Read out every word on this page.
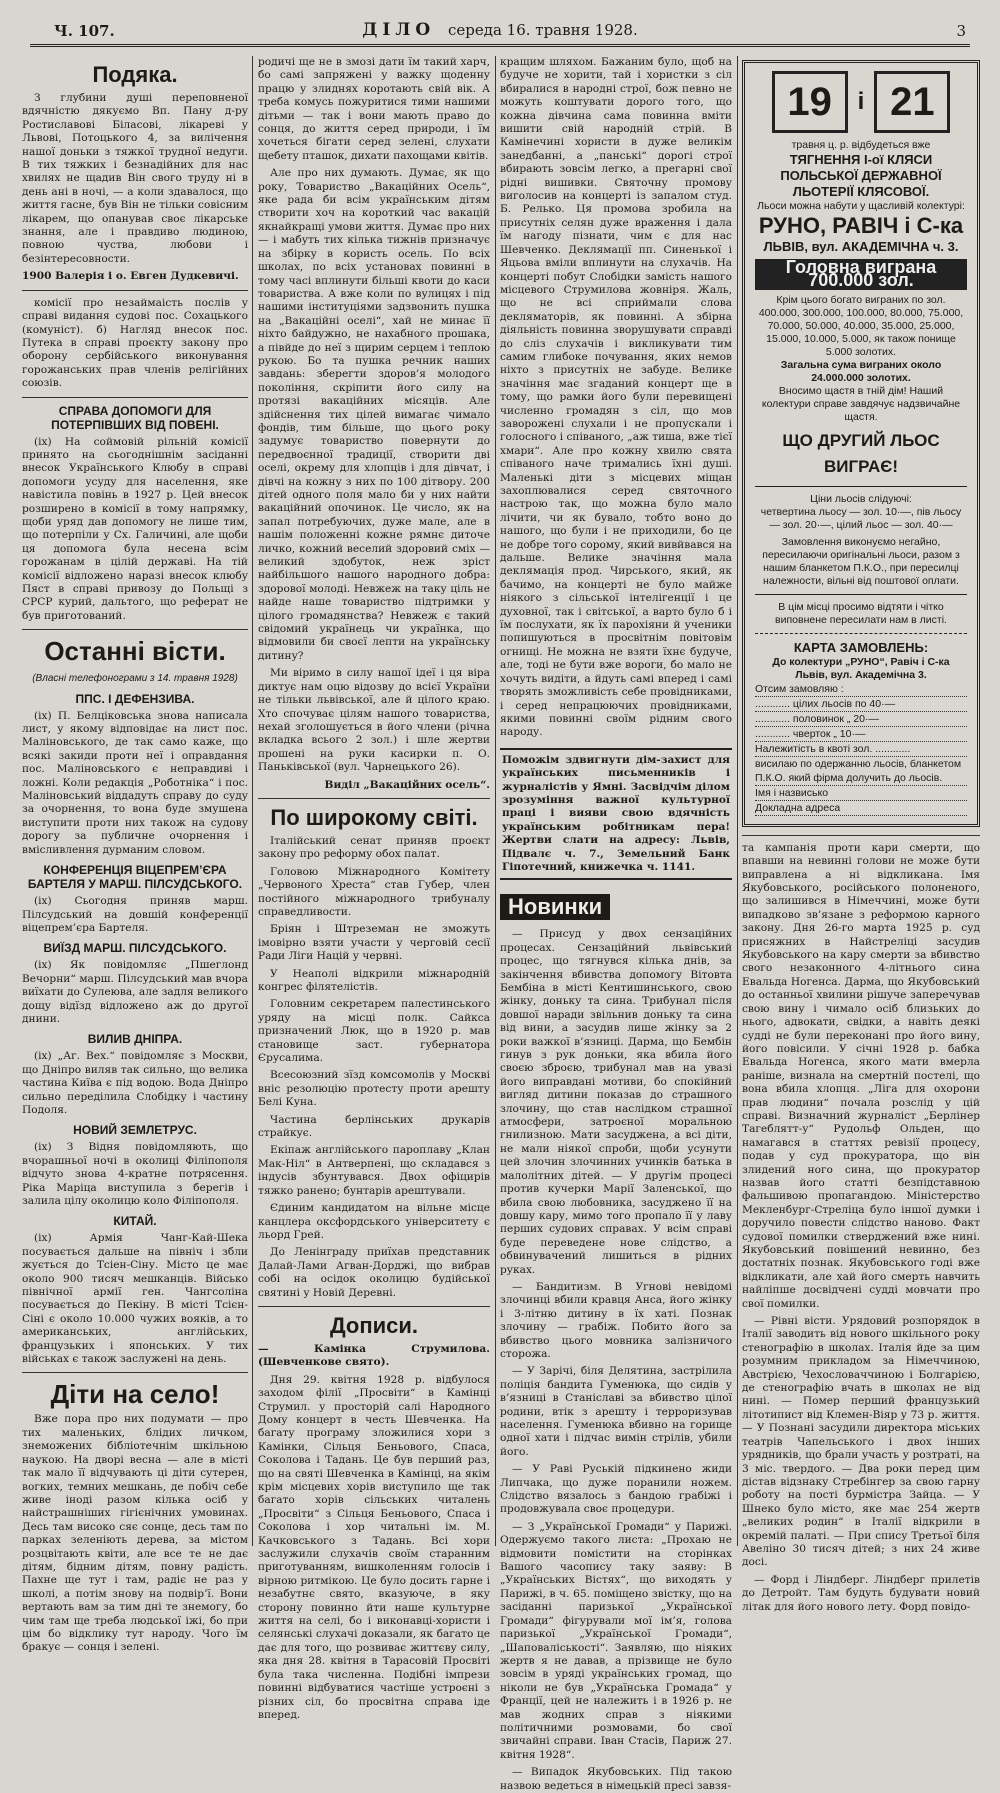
Ч. 107.	ДІЛО середа 16. травня 1928.	3
Подяка.

З глубини душі переповненої вдячністю дякуємо Вп. Пану д-ру Ростиславові Біласові, лікареві у Львові, Потоцького 4, за вилічення нашої доньки з тяжкої трудної недуги. В тих тяжких і безнадійних для нас хвилях не щадив Він свого труду ні в день ані в ночі, — а коли здавалося, що життя гасне, був Він не тільки совісним лікарем, що опанував своє лікарське знання, але і правдиво людиною, повною чуства, любови і безінтересовности.

1900 Валерія і о. Евген Дудкевичі.

комісії про незаймаість послів у справі видання судові пос. Сохацького (комуніст). б) Нагляд внесок пос. Путека в справі проєкту закону про оборону сербійського виконування горожанських прав членів релігійних союзів.

СПРАВА ДОПОМОГИ ДЛЯ ПОТЕРПІВШИХ ВІД ПОВЕНІ.

(іх) На соймовій рільній комісії принято на сьогоднішнім засіданні внесок Українського Клюбу в справі допомоги усуду для населення, яке навістила повінь в 1927 р. Цей внесок розширено в комісії в тому напрямку, щоби уряд дав допомогу не лише тим, що потерпіли у Сх. Галичині, але щоби ця допомога була несена всім горожанам в цілій державі. На тій комісії відложено наразі внесок клюбу Пяст в справі привозу до Польщі з СРСР курий, дальтого, що реферат не був приготований.

Останні вісти.
(Власні телефонограми з 14. травня 1928)
ППС. І ДЕФЕНЗИВА.

(іх) П. Белціковська знова написала лист, у якому відповідає на лист пос. Маліновського, де так само каже, що всякі закиди проти неї і оправдання пос. Маліновського є неправдиві і ложні. Коли редакція „Роботніка“ і пос. Маліновський віддадуть справу до суду за очорнення, то вона буде змушена виступити проти них також на судову дорогу за публичне очорнення і вмісливлення дурманим словом.

КОНФЕРЕНЦІЯ ВІЦЕПРЕМ’ЄРА БАРТЕЛЯ У МАРШ. ПІЛСУДСЬКОГО.

(іх) Сьогодня приняв марш. Пілсудський на довшій конференції віцепрем’єра Бартеля.

ВИЇЗД МАРШ. ПІЛСУДСЬКОГО.

(іх) Як повідомляє „Пшеглонд Вечорни“ марш. Пілсудський мав вчора виїхати до Сулеюва, але задля великого дощу відїзд відложено аж до другої днини.

ВИЛИВ ДНІПРА.

(іх) „Аг. Вех.“ повідомляє з Москви, що Дніпро виляв так сильно, що велика частина Київа є під водою. Вода Дніпро сильно переділила Слобідку і частину Подоля.

НОВИЙ ЗЕМЛЕТРУС.

(іх) З Відня повідомляють, що вчорашньої ночі в околиці Філіпополя відчуто знова 4-кратне потрясення. Ріка Маріца виступила з берегів і залила цілу околицю коло Філіпополя.

КИТАЙ.

(іх) Армія Чанг-Кай-Шека посувається дальше на північ і збли жується до Тсіен-Сіну. Місто це має около 900 тисяч мешканців. Військо північної армії ген. Чангсоліна посувається до Пекіну. В місті Тсієн-Сіні є около 10.000 чужих вояків, а то американських, англійських, французьких і японських. У тих військах є також заслужені на день.

Діти на село!

Вже пора про них подумати — про тих маленьких, блідих личком, знеможених бібліотечнім шкільною наукою. На дворі весна — але в місті так мало її відчувають ці діти сутерен, вогких, темних мешкань, де побіч себе живе іноді разом кілька осіб у найстрашніших гігієнічних умовинах. Десь там високо сяє сонце, десь там по парках зеленіють дерева, за містом розцвітають квіти, але все те не дає дітям, бідним дітям, повну радість. Пахне ще тут і там, радіє не раз у школі, а потім знову на подвір’ї. Вони вертають вам за тим дні те знемогу, бо чим там ще треба людської іжі, бо при цім бо відклику тут народу. Чого їм бракує — сонця і зелені.

родичі ще не в змозі дати їм такий харч, бо самі запряжені у важку щоденну працю у злиднях коротають свій вік. А треба комусь пожуритися тими нашими дітьми — так і вони мають право до сонця, до життя серед природи, і їм хочеться бігати серед зелені, слухати щебету пташок, дихати пахощами квітів.

Але про них думають. Думає, як що року, Товариство „Вакаційних Осель“, яке рада би всім українським дітям створити хоч на короткий час вакацій якнайкращі умови життя. Думає про них — і мабуть тих кілька тижнів призначує на збірку в користь осель. По всіх школах, по всіх установах повинні в тому часі вплинути більші квоти до каси товариства. А вже коли по вулицях і під нашими інституціями задзвонить пушка на „Вакаційні оселі“, хай не минає її ніхто байдужно, не нахабного прошака, а півйде до неї з щирим серцем і теплою рукою. Бо та пушка речник наших завдань: зберегти здоров’я молодого покоління, скріпити його силу на протязі вакаційних місяців. Але здійснення тих цілей вимагає чимало фондів, тим більше, що цього року задумує товариство повернути до передвоєнної традиції, створити дві оселі, окрему для хлопців і для дівчат, і дівчі на кожну з них по 100 дітвору. 200 дітей одного поля мало би у них найти вакаційний опочинок. Це число, як на запал потребуючих, дуже мале, але в нашім положенні кожне рямнє диточе личко, кожний веселий здоровий сміх — великий здобуток, неж зріст найбільшого нашого народного добра: здорової молоді. Невжеж на таку ціль не найде наше товариство підтримки у цілого громадянства? Невжеж є такий свідомий українець чи українка, що відмовили би своєї лепти на українську дитину?

Ми віримо в силу нашої ідеї і ця віра диктує нам оцю відозву до всієї України не тільки львівської, але й цілого краю. Хто спочуває цілям нашого товариства, нехай зголошується в його члени (річна вкладка всього 2 зол.) і шле жертви прошені на руки касирки п. О. Паньківської (вул. Чарнецького 26).

Виділ „Вакаційних осель“.

По широкому світі.

Італійський сенат приняв проєкт закону про реформу обох палат.

Головою Міжнародного Комітету „Червоного Хреста“ став Губер, член постійного міжнародного трибуналу справедливости.

Бріян і Штреземан не зможуть імовірно взяти участи у черговій сесії Ради Ліги Націй у червні.

У Неаполі відкрили міжнародній конгрес філятелістів.

Головним секретарем палестинського уряду на місці полк. Сайкса призначений Люк, що в 1920 р. мав становище заст. губернатора Єрусалима.

Всесоюзний зїзд комсомолів у Москві вніс резолюцію протесту проти арешту Белі Куна.

Частина берлінських друкарів страйкує.

Екіпаж англійського пароплаву „Клан Мак-Ніл“ в Антверпені, що складався з індусів збунтувався. Двох офіцирів тяжко ранено; бунтарів арештували.

Єдиним кандидатом на вільне місце канцлера оксфордського університету є льорд Грей.

До Ленінграду приїхав представник Далай-Лами Агван-Дорджі, що вибрав собі на осідок околицю будійської святині у Новій Деревні.

Дописи.

— Камінка Струмилова. (Шевченкове свято).

Дня 29. квітня 1928 р. відбулося заходом філії „Просвіти“ в Камінці Струмил. у просторій салі Народного Дому концерт в честь Шевченка. На багату програму зложилися хори з Камінки, Сільця Беньового, Спаса, Соколова і Тадань. Це був перший раз, що на святі Шевченка в Камінці, на якім крім місцевих хорів виступило ще так багато хорів сільських читалень „Просвіти“ з Сільця Беньового, Спаса і Соколова і хор читальні ім. М. Качковського з Тадань. Всі хори заслужили слухачів своїм старанним приготуванням, вишколенням голосів і вірною ритмікою. Це було досить гарне і незабутнє свято, вказуюче, в яку сторону повинно йти наше культурне життя на селі, бо і виконавці-хористи і селянські слухачі доказали, як багато це дає для того, що розвиває життєву силу, яка дня 28. квітня в Тарасовій Просвіті була така численна. Подібні імпрези повинні відбуватися частіше устроєні з різних сіл, бо просвітна справа іде вперед.

кращим шляхом. Бажаним було, щоб на будуче не хорити, тай і хористки з сіл вбиралися в народні строї, бож певно не можуть коштувати дорого того, що кожна дівчина сама повинна вміти вишити свій народній стрій. В Камінечині хористи в дуже великім занедбанні, а „панські“ дорогі строї вбирають зовсім легко, а прегарні свої рідні вишивки. Святочну промову виголосив на концерті із запалом студ. Б. Релько. Ця промова зробила на присутніх селян дуже враження і дала їм нагоду пізнати, чим є для нас Шевченко. Деклямації пп. Синенької і Яцьова вміли вплинути на слухачів. На концерті побут Слобідки замість нашого місцевого Струмилова жовніря. Жаль, що не всі сприймали слова декляматорів, як повинні. А збірна діяльність повинна зворушувати справді до сліз слухачів і викликувати тим самим глибоке почування, яких немов ніхто з присутніх не забуде. Велике значіння має згаданий концерт ще в тому, що рамки його були перевищені численно громадян з сіл, що мов заворожені слухали і не пропускали і голосного і співаного, „аж тиша, вже тієї хмари“. Але про кожну хвилю свята співаного наче тримались їхні душі. Маленькі діти з місцевих міщан захоплювалися серед святочного настрою так, що можна було мало лічити, чи як бувало, тобто воно до нашого, що були і не приходили, бо це не добре того сорому, який вивйвався на дальше. Велике значіння мала деклямація прод. Чирського, який, як бачимо, на концерті не було майже ніякого з сільської інтелігенції і це духовної, так і світської, а варто було б і їм послухати, як їх парохіяни й ученики попишуються в просвітнім повітовім огнищі. Не можна не взяти їхнє будуче, але, тоді не бути вже вороги, бо мало не хочуть видіти, а йдуть самі вперед і самі творять зможливість себе провідниками, і серед непрацюючих провідниками, якими повинні своїм рідним свого народу.

Поможім здвигнути дім-захист для українських письменників і журналістів у Ямні. Засвідчім ділом зрозуміння важної культурної праці і вияви свою вдячність українським робітникам пера! Жертви слати на адресу: Львів, Підвалє ч. 7., Земельний Банк Гіпотечний, книжечка ч. 1141.
Новинки

— Присуд у двох сензаційних процесах. Сензаційний львівський процес, що тягнувся кілька днів, за закінчення вбивства допомогу Вітовта Бембіна в місті Кентишинського, свою жінку, доньку та сина. Трибунал після довшої наради звільнив доньку та сина від вини, а засудив лише жінку за 2 роки важкої в’язниці. Дарма, що Бембін гинув з рук доньки, яка вбила його своєю зброєю, трибунал мав на увазі його виправдані мотиви, бо спокійний вигляд дитини показав до страшного злочину, що став наслідком страшної атмосфери, затроєної моральною гнилизною. Мати засуджена, а всі діти, не мали ніякої спроби, щоби усунути цей злочин злочинних учинків батька в малолітних дітей. — У другім процесі против кучерки Марії Заленської, що вбила свою любовника, засуджено її на довшу кару, мимо того пропало її у лаву перших судових справах. У всім справі буде переведене нове слідство, а обвинувачений лишиться в рідних руках.

— Бандитизм. В Угнові невідомі злочинці вбили кравця Анса, його жінку і 3-літню дитину в їх хаті. Познак злочину — грабіж. Побито його за вбивство цього мовника залізничого сторожа.

— У Зарічі, біля Делятина, застрілила поліція бандита Гуменюка, що сидів у в’язниці в Станіславі за вбивство цілої родини, втік з арешту і терроризував населення. Гуменюка вбивно на горище одної хати і підчас вимін стрілів, убили його.

— У Раві Руській підкинено жиди Липчака, що дуже поранили ножем. Слідство вязалось з бандою грабіжі і продовжувала своє процедури.

— З „Української Громади“ у Парижі. Одержуємо такого листа: „Прохаю не відмовити помістити на сторінках Вашого часопису таку заяву: В „Українських Вістях“, що виходять у Парижі, в ч. 65. поміщено звістку, що на засіданні паризької „Української Громади“ фігурували мої ім’я, голова паризької „Української Громади“, „Шаповаліськості“. Заявляю, що ніяких жертв я не давав, а прізвище не було зовсім в уряді українських громад, що ніколи не був „Українська Громада“ у Франції, цей не належить і в 1926 р. не мав жодних справ з ніякими політичними розмовами, бо свої звичайні справи. Іван Стасів, Париж 27. квітня 1928“.

— Випадок Якубовських. Під такою назвою ведеться в німецькій пресі завзя-

19	і 21
травня ц. р. відбудеться вже
ТЯГНЕННЯ І-ої КЛЯСИ
ПОЛЬСЬКОЇ ДЕРЖАВНОЇ ЛЬОТЕРІЇ КЛЯСОВОЇ.
Льоси можна набути у щасливій колектурі:
РУНО, РАВІЧ і С-ка
ЛЬВІВ, вул. АКАДЕМІЧНА ч. 3.
Головна виграна 700.000 зол.
Крім цього богато виграних по зол. 400.000, 300.000, 100.000, 80.000, 75.000, 70.000, 50.000, 40.000, 35.000, 25.000, 15.000, 10.000, 5.000, як також понище 5.000 золотих.
Загальна сума виграних около 24.000.000 золотих.
Вносимо щастя в тній дім! Наший колектури справе завдячує надзвичайне щастя.
ЩО ДРУГИЙ ЛЬОС ВИГРАЄ!
Ціни льосів слідуючі:
четвертина льосу — зол. 10·—, пів льосу — зол. 20·—, цілий льос — зол. 40·—
Замовлення виконуємо негайно, пересилаючи оригінальні льоси, разом з нашим бланкетом П.К.О., при пересилці належности, вільні від поштової оплати.
В цім місці просимо відтяти і чітко виповнене пересилати нам в листі.
КАРТА ЗАМОВЛЕНЬ:
До колектури „РУНО“, Равіч і С-ка Львів, вул. Академічна 3.
Отсим замовляю :
............ цілих льосів по 40·—
............ половинок „ 20·—
............ чверток „ 10·—
Належитість в квоті зол. ............
висилаю по одержанню льосів, бланкетом П.К.О. який фірма долучить до льосів.
Імя і назвисько
Докладна адреса

та кампанія проти кари смерти, що впавши на невинні голови не може бути виправлена а ні відкликана. Імя Якубовського, російського полоненого, що залишився в Німеччині, може бути випадково зв’язане з реформою карного закону. Дня 26-го марта 1925 р. суд присяжних в Найстреліці засудив Якубовського на кару смерти за вбивство свого незаконного 4-літнього сина Евальда Ногенса. Дарма, що Якубовський до останньої хвилини рішуче заперечував свою вину і чимало осіб близьких до нього, адвокати, свідки, а навіть деякі судді не були переконані про його вину, його повісили. У січні 1928 р. бабка Евальда Ногенса, якого мати вмерла раніше, визнала на смертній постелі, що вона вбила хлопця. „Ліга для охорони прав людини“ почала розслід у цій справі. Визначний журналіст „Берлінер Тагеблятт-у“ Рудольф Ольден, що намагався в статтях ревізії процесу, подав у суд прокуратора, що він злидений ного сина, що прокуратор назвав його статті безпідставною фальшивою пропагандою. Міністерство Мекленбург-Стреліца було іншої думки і доручило повести слідство наново. Факт судової помилки стверджений вже нині. Якубовський повішений невинно, без достатніх познак. Якубовського годі вже відкликати, але хай його смерть навчить найліпше досвідчені судді мовчати про свої помилки.

— Рівні вісти. Урядовий розпорядок в Італії заводить від нового шкільного року стенографію в школах. Італія йде за цим розумним прикладом за Німеччиною, Австрією, Чехословаччиною і Болгарією, де стенографію вчать в школах не від нині. — Помер перший французький літотипист від Клемен-Віяр у 73 р. життя. — У Познані засудили директора міських театрів Чапельського і двох інших урядників, що брали участь у розтраті, на 3 міс. твердого. — Два роки перед цим дістав відзнаку Стребінгер за свою гарну роботу на пості бурмістра Зайца. — У Шнеко було місто, яке має 254 жертв „великих родин“ в Італії відкрили в окремій палаті. — При спису Третьої біля Авеліно 30 тисяч дітей; з них 24 живе досі.

— Форд і Ліндберг. Ліндберг прилетів до Детройт. Там будуть будувати новий літак для його нового лету. Форд повідо-
